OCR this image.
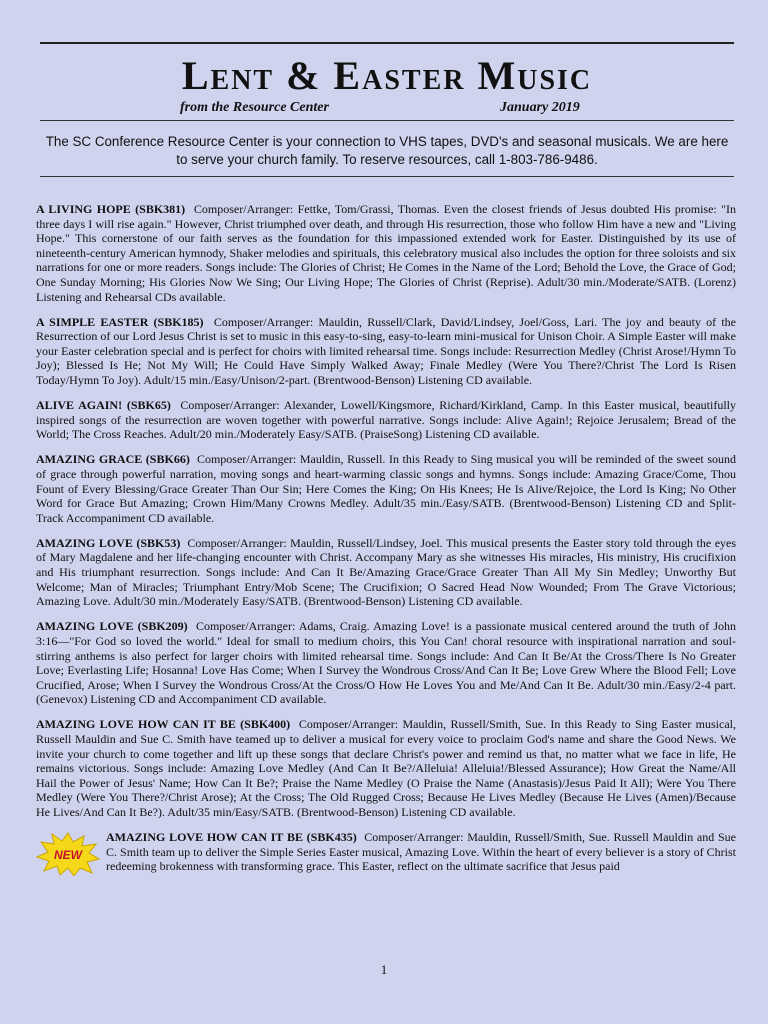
Lent & Easter Music
from the Resource Center	January 2019
The SC Conference Resource Center is your connection to VHS tapes, DVD's and seasonal musicals. We are here to serve your church family. To reserve resources, call 1-803-786-9486.

A LIVING HOPE (SBK381) Composer/Arranger: Fettke, Tom/Grassi, Thomas. Even the closest friends of Jesus doubted His promise: "In three days I will rise again." However, Christ triumphed over death, and through His resurrection, those who follow Him have a new and "Living Hope." This cornerstone of our faith serves as the foundation for this impassioned extended work for Easter. Distinguished by its use of nineteenth-century American hymnody, Shaker melodies and spirituals, this celebratory musical also includes the option for three soloists and six narrations for one or more readers. Songs include: The Glories of Christ; He Comes in the Name of the Lord; Behold the Love, the Grace of God; One Sunday Morning; His Glories Now We Sing; Our Living Hope; The Glories of Christ (Reprise). Adult/30 min./Moderate/SATB. (Lorenz) Listening and Rehearsal CDs available.

A SIMPLE EASTER (SBK185) Composer/Arranger: Mauldin, Russell/Clark, David/Lindsey, Joel/Goss, Lari. The joy and beauty of the Resurrection of our Lord Jesus Christ is set to music in this easy-to-sing, easy-to-learn mini-musical for Unison Choir. A Simple Easter will make your Easter celebration special and is perfect for choirs with limited rehearsal time. Songs include: Resurrection Medley (Christ Arose!/Hymn To Joy); Blessed Is He; Not My Will; He Could Have Simply Walked Away; Finale Medley (Were You There?/Christ The Lord Is Risen Today/Hymn To Joy). Adult/15 min./Easy/Unison/2-part. (Brentwood-Benson) Listening CD available.

ALIVE AGAIN! (SBK65) Composer/Arranger: Alexander, Lowell/Kingsmore, Richard/Kirkland, Camp. In this Easter musical, beautifully inspired songs of the resurrection are woven together with powerful narrative. Songs include: Alive Again!; Rejoice Jerusalem; Bread of the World; The Cross Reaches. Adult/20 min./Moderately Easy/SATB. (PraiseSong) Listening CD available.

AMAZING GRACE (SBK66) Composer/Arranger: Mauldin, Russell. In this Ready to Sing musical you will be reminded of the sweet sound of grace through powerful narration, moving songs and heart-warming classic songs and hymns. Songs include: Amazing Grace/Come, Thou Fount of Every Blessing/Grace Greater Than Our Sin; Here Comes the King; On His Knees; He Is Alive/Rejoice, the Lord Is King; No Other Word for Grace But Amazing; Crown Him/Many Crowns Medley. Adult/35 min./Easy/SATB. (Brentwood-Benson) Listening CD and Split-Track Accompaniment CD available.

AMAZING LOVE (SBK53) Composer/Arranger: Mauldin, Russell/Lindsey, Joel. This musical presents the Easter story told through the eyes of Mary Magdalene and her life-changing encounter with Christ. Accompany Mary as she witnesses His miracles, His ministry, His crucifixion and His triumphant resurrection. Songs include: And Can It Be/Amazing Grace/Grace Greater Than All My Sin Medley; Unworthy But Welcome; Man of Miracles; Triumphant Entry/Mob Scene; The Crucifixion; O Sacred Head Now Wounded; From The Grave Victorious; Amazing Love. Adult/30 min./Moderately Easy/SATB. (Brentwood-Benson) Listening CD available.

AMAZING LOVE (SBK209) Composer/Arranger: Adams, Craig. Amazing Love! is a passionate musical centered around the truth of John 3:16—"For God so loved the world." Ideal for small to medium choirs, this You Can! choral resource with inspirational narration and soul-stirring anthems is also perfect for larger choirs with limited rehearsal time. Songs include: And Can It Be/At the Cross/There Is No Greater Love; Everlasting Life; Hosanna! Love Has Come; When I Survey the Wondrous Cross/And Can It Be; Love Grew Where the Blood Fell; Love Crucified, Arose; When I Survey the Wondrous Cross/At the Cross/O How He Loves You and Me/And Can It Be. Adult/30 min./Easy/2-4 part. (Genevox) Listening CD and Accompaniment CD available.

AMAZING LOVE HOW CAN IT BE (SBK400) Composer/Arranger: Mauldin, Russell/Smith, Sue. In this Ready to Sing Easter musical, Russell Mauldin and Sue C. Smith have teamed up to deliver a musical for every voice to proclaim God's name and share the Good News. We invite your church to come together and lift up these songs that declare Christ's power and remind us that, no matter what we face in life, He remains victorious. Songs include: Amazing Love Medley (And Can It Be?/Alleluia! Alleluia!/Blessed Assurance); How Great the Name/All Hail the Power of Jesus' Name; How Can It Be?; Praise the Name Medley (O Praise the Name (Anastasis)/Jesus Paid It All); Were You There Medley (Were You There?/Christ Arose); At the Cross; The Old Rugged Cross; Because He Lives Medley (Because He Lives (Amen)/Because He Lives/And Can It Be?). Adult/35 min/Easy/SATB. (Brentwood-Benson) Listening CD available.

NEW
AMAZING LOVE HOW CAN IT BE (SBK435) Composer/Arranger: Mauldin, Russell/Smith, Sue. Russell Mauldin and Sue C. Smith team up to deliver the Simple Series Easter musical, Amazing Love. Within the heart of every believer is a story of Christ redeeming brokenness with transforming grace. This Easter, reflect on the ultimate sacrifice that Jesus paid

1
